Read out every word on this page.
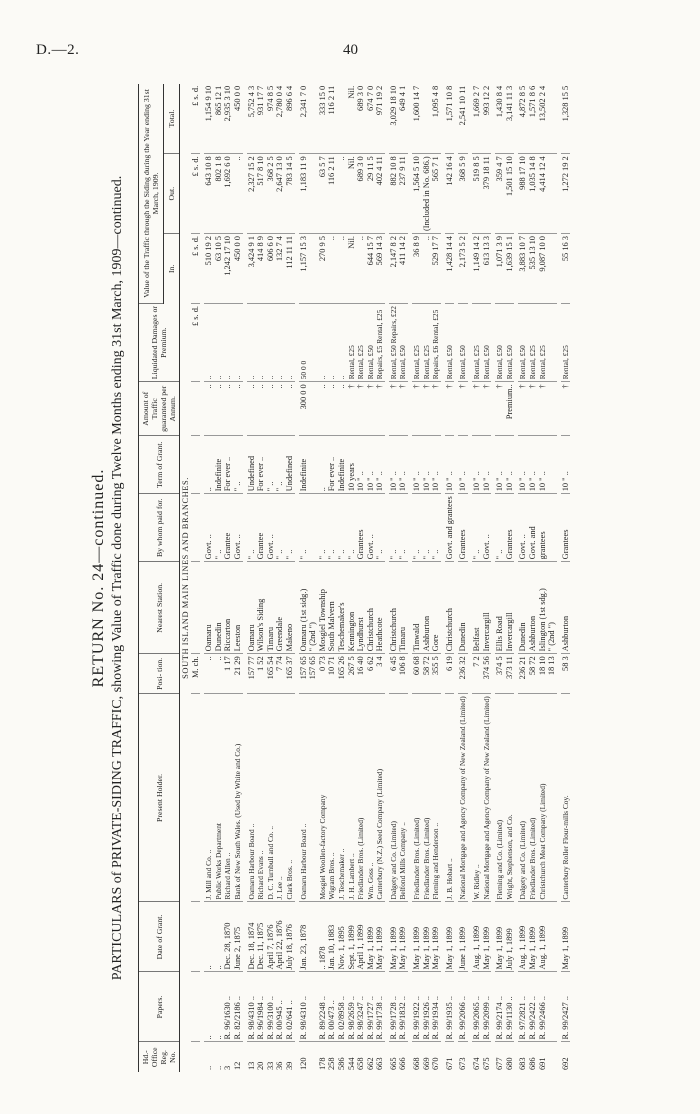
D.—2.	40
RETURN No. 24—continued. PARTICULARS of PRIVATE-SIDING TRAFFIC, showing Value of Traffic done during Twelve Months ending 31st March, 1909—continued.
Hd.-Office Reg. No.	Papers.	Date of Grant.	Present Holder.	Posi- tion.	Nearest Station.	By whom paid for.	Term of Grant.	Amount of Traffic guaranteed per Annum.	Liquidated Damages or Premium.	Value of the Traffic through the Siding during the Year ending 31st March, 1909.		
										In.	Out.	Total.
SOUTH ISLAND MAIN LINES AND BRANCHES.												
				M. ch.					£ s. d.	£ s. d.	£ s. d.	£ s. d.

..	..	..	J. Mill and Co. ..	..	Oamaru	Govt. ..	..	..	..	510 19 2	643 10 8	1,154 9 10
..	..	..	Public Works Department	..	Dunedin	" ..	Indefinite	..	..	63 10 5	802 1 8	865 12 1
3	R. 96/1630 ..	Dec. 28, 1870	Richard Allen ..	1 17	Riccarton	Grantee	For ever ..	..	..	1,242 17 10	1,692 6 0	2,935 3 10
12	R. 82/2186 ..	June 2, 1875	Bank of New South Wales. (Used by White and Co.)	21 29	Leeston	Govt. ..	" ..	..	..	450 0 0	..	450 0 0

13	R. 98/4310 ..	Dec. 18, 1874	Oamaru Harbour Board ..	157 77	Oamaru	" ..	Undefined	..	..	3,424 9 1	2,327 15 2	5,752 4 3
20	R. 96/1984 ..	Dec. 11, 1875	Richard Evans ..	1 52	Wilson's Siding	Grantee	For ever ..	..	..	414 8 9	517 8 10	931 17 7
33	R. 99/3100 ..	April 7, 1876	D. C. Turnbull and Co. ..	165 54	Timaru	Govt. ..	" ..	..	..	606 6 0	368 2 5	974 8 5
36	R. 00/945 ..	April 22, 1876	J. Lee ..	7 74	Greendale	" ..	" ..	..	..	132 7 4	2,647 13 0	2,780 0 4
39	R. 02/641 ..	July 18, 1876	Clark Bros. ..	165 37	Makeno	" ..	Undefined	..	..	112 11 11	783 14 5	896 6 4

120	R. 98/4310 ..	Jan. 23, 1878	Oamaru Harbour Board ..	157 65	Oamaru (1st sidg.)	" ..	Indefinite	300 0 0	50 0 0	1,157 15 3	1,183 11 9	2,341 7 0
				157 65	" (2nd ")							
178	R. 89/2248 ..	.. 1878	Mosgiel Woollen-factory Company	0 73	Mosgiel Township	" ..	..	..	..	270 9 5	63 5 7	333 15 0
258	R. 00/473 ..	Jan. 10, 1883	Wigram Bros. ..	10 71	South Malvern	" ..	For ever ..	..	..	..	116 2 11	116 2 11
586	R. 02/8958 ..	Nov. 1, 1895	J. Teschemaker ..	165 26	Teschemaker's	" ..	Indefinite	..	..	..	..	
544	R. 98/2659 ..	Sept. 1, 1899	J. H. Lambert ..	267 5	Kennington	" ..	10 years	†	Rental, £25	Nil.	Nil.	Nil.
658	R. 98/3247 ..	April 1, 1899	Friedlander Bros. (Limited)	16 40	Lyndhurst	Grantees	10 " ..	†	Rental, £25	..	689 3 0	689 3 0
662	R. 99/1727 ..	May 1, 1899	Wm. Goss ..	6 62	Christchurch	Govt. ..	10 " ..	†	Rental, £50	644 15 7	29 11 5	674 7 0
663	R. 99/1738 ..	May 1, 1899	Canterbury (N.Z.) Seed Company (Limited)	3 4	Heathcote	" ..	10 " ..	†	Repairs, £5 Rental, £25	569 14 3	402 4 11	971 19 2

665	R. 99/1728 ..	May 1, 1899	Dalgety and Co. (Limited)	6 45	Christchurch	" ..	10 " ..	†	Rental, £50 Repairs, £22	2,147 8 2	882 10 8	3,029 18 10
666	R. 99/1832 ..	May 1, 1899	Belfond Mills Company ..	106 8	Timaru	" ..	10 " ..	†	Rental, £50	411 14 2	237 9 11	649 4 1

668	R. 99/1922 ..	May 1, 1899	Friedlander Bros. (Limited)	60 68	Tinwald	" ..	10 " ..	†	Rental, £25	36 8 9	1,564 5 10	1,600 14 7
669	R. 99/1926 ..	May 1, 1899	Friedlander Bros. (Limited)	58 72	Ashburton	" ..	10 " ..	†	Rental, £25	..	(Included in No. 686.)	
670	R. 99/1934 ..	May 1, 1899	Fleming and Henderson ..	355 5	Gore	" ..	10 " ..	†	Repairs, £6 Rental, £25	529 17 7	565 7 1	1,095 4 8

671	R. 99/1935 ..	May 1, 1899	J. B. Hobart ..	6 19	Christchurch	Govt. and grantees	10 " ..	†	Rental, £50	1,428 14 4	142 16 4	1,571 10 8

673	R. 99/2066 ..	June 1, 1899	National Mortgage and Agency Company of New Zealand (Limited)	236 32	Dunedin	Grantees	10 " ..	†	Rental, £50	2,173 5 2	368 5 9	2,541 10 11

674	R. 99/2065 ..	Aug. 1, 1899	W. Ridley ..	7 2	Belfast	" ..	10 " ..	†	Rental, £25	1,149 14 2	519 8 5	1,669 2 7
675	R. 99/2099 ..	May 1, 1899	National Mortgage and Agency Company of New Zealand (Limited)	374 56	Invercargill	Govt. ..	10 " ..	†	Rental, £50	613 13 3	379 18 11	993 12 2

677	R. 99/2174 ..	May 1, 1899	Fleming and Co. (Limited)	374 5	Ellis Road	" ..	10 " ..	†	Rental, £50	1,071 3 9	359 4 7	1,430 8 4
680	R. 99/1130 ..	July 1, 1899	Wright, Stephenson, and Co.	373 11	Invercargill	Grantees	10 " ..	Premium..	Rental, £50	1,639 15 1	1,501 15 10	3,141 11 3

683	R. 97/2821 ..	Aug. 1, 1899	Dalgety and Co. (Limited)	236 21	Dunedin	Govt. ..	10 " ..	†	Rental, £50	3,883 10 7	988 17 10	4,872 8 5
686	R. 99/2422 ..	May 1, 1899	Friedlander Bros. (Limited)	58 72	Ashburton	Govt. and	10 " ..	†	Rental, £25	535 13 10	1,035 14 8	1,571 8 6
691	R. 99/2466 ..	Aug. 1, 1899	Christchurch Meat Company (Limited)	18 10	Islington (1st sdg.)	grantees	10 " ..	†	Rental, £25	9,087 10 0	4,414 12 4	13,502 2 4
				18 13	" (2nd ")							

692	R. 99/2427 ..	May 1, 1899	Canterbury Roller Flour-mills Coy.	58 3	Ashburton	Grantees	10 " ..	†	Rental, £25	55 16 3	1,272 19 2	1,328 15 5
